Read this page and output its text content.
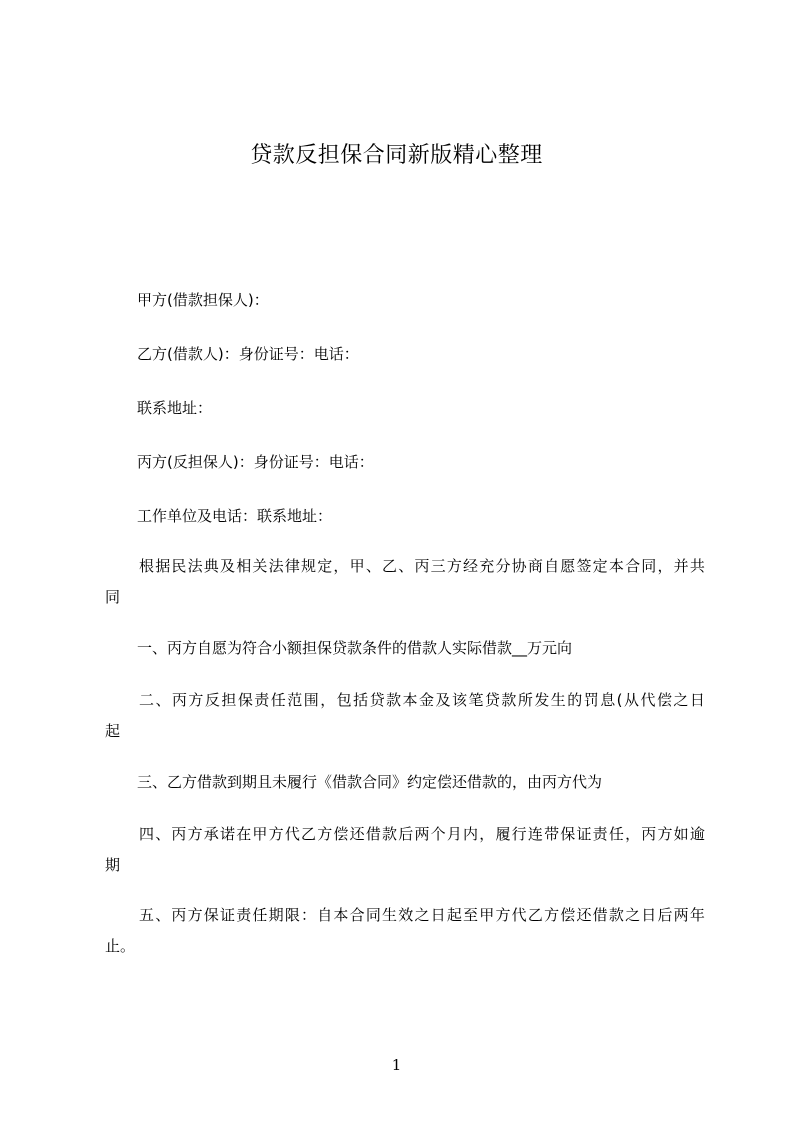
贷款反担保合同新版精心整理
甲方(借款担保人)：
乙方(借款人)：身份证号：电话：
联系地址：
丙方(反担保人)：身份证号：电话：
工作单位及电话：联系地址：
根据民法典及相关法律规定，甲、乙、丙三方经充分协商自愿签定本合同，并共
同
一、丙方自愿为符合小额担保贷款条件的借款人实际借款__万元向
二、丙方反担保责任范围，包括贷款本金及该笔贷款所发生的罚息(从代偿之日
起
三、乙方借款到期且未履行《借款合同》约定偿还借款的，由丙方代为
四、丙方承诺在甲方代乙方偿还借款后两个月内，履行连带保证责任，丙方如逾
期
五、丙方保证责任期限：自本合同生效之日起至甲方代乙方偿还借款之日后两年
止。
1
